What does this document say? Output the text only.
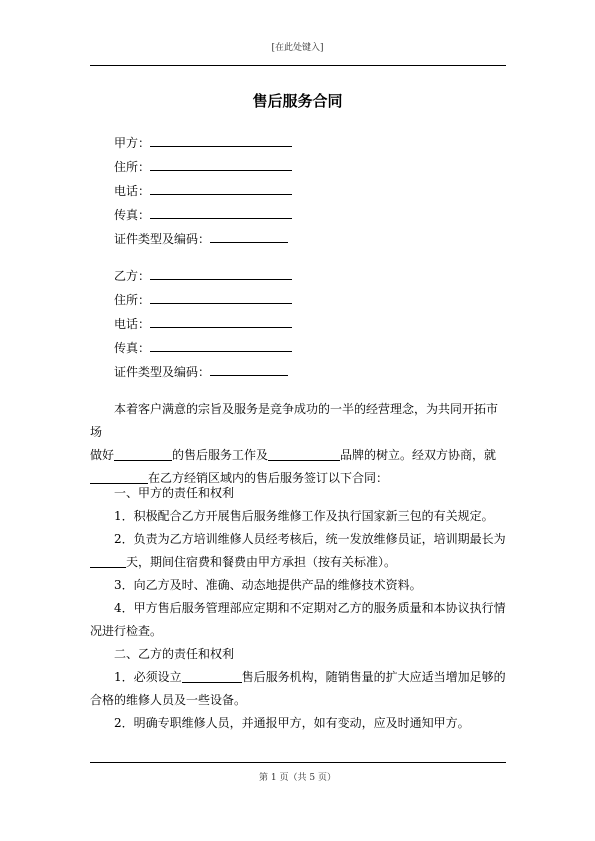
[在此处键入]
售后服务合同
甲方：
住所：
电话：
传真：
证件类型及编码：
乙方：
住所：
电话：
传真：
证件类型及编码：

本着客户满意的宗旨及服务是竞争成功的一半的经营理念，为共同开拓市场

做好	的售后服务工作及	品牌的树立。经双方协商，就

在乙方经销区域内的售后服务签订以下合同：

一、甲方的责任和权利

1．积极配合乙方开展售后服务维修工作及执行国家新三包的有关规定。

2．负责为乙方培训维修人员经考核后，统一发放维修员证，培训期最长为

天，期间住宿费和餐费由甲方承担（按有关标准）。

3．向乙方及时、准确、动态地提供产品的维修技术资料。

4．甲方售后服务管理部应定期和不定期对乙方的服务质量和本协议执行情

况进行检查。

二、乙方的责任和权利

1．必须设立	售后服务机构，随销售量的扩大应适当增加足够的

合格的维修人员及一些设备。

2．明确专职维修人员，并通报甲方，如有变动，应及时通知甲方。

第 1 页（共 5 页）
